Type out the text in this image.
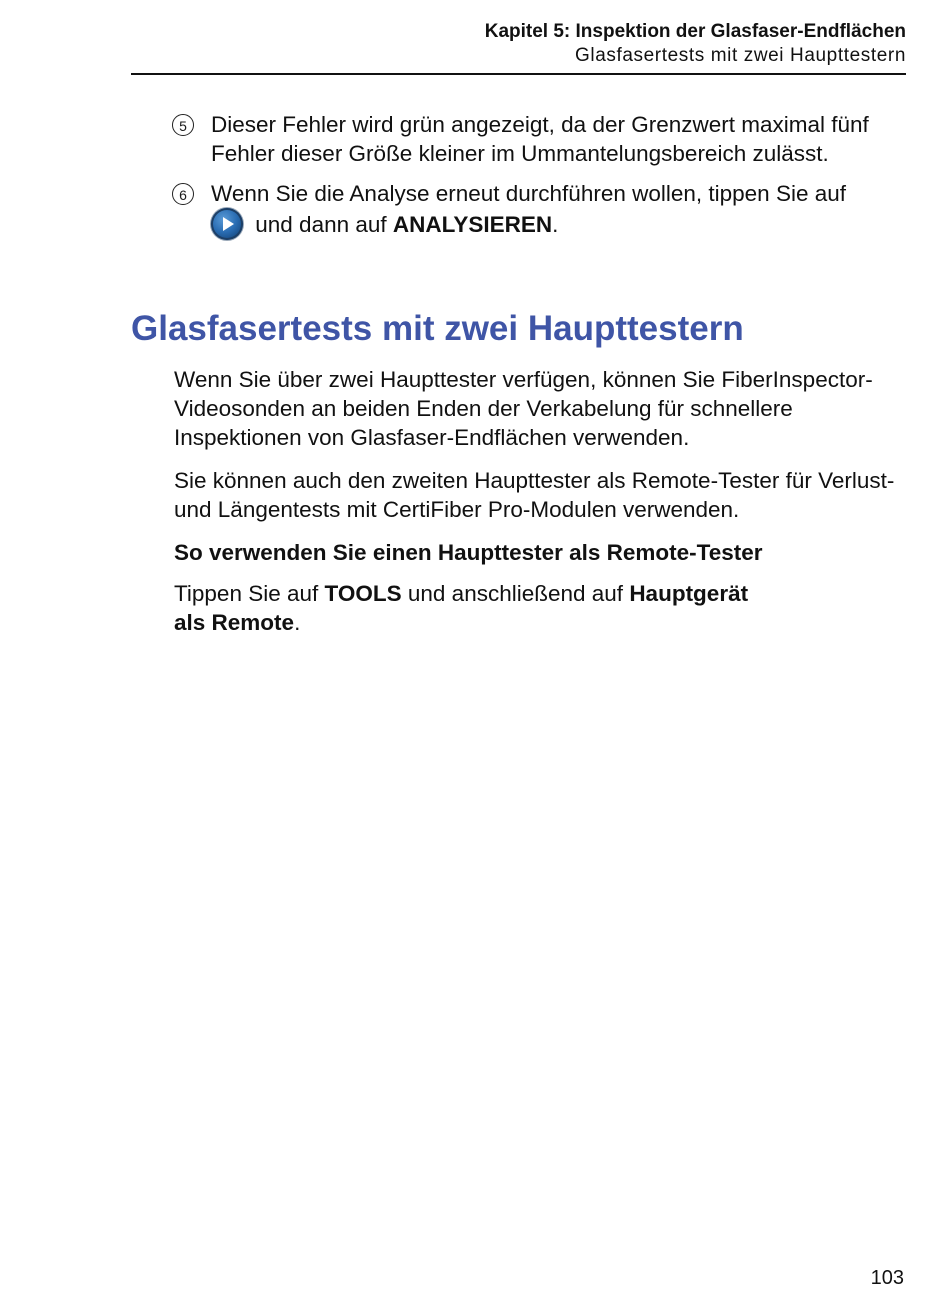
Kapitel 5: Inspektion der Glasfaser-Endflächen

Glasfasertests mit zwei Haupttestern

5	Dieser Fehler wird grün angezeigt, da der Grenzwert maximal fünf Fehler dieser Größe kleiner im Ummantelungsbereich zulässt.
6	Wenn Sie die Analyse erneut durchführen wollen, tippen Sie auf
und dann auf ANALYSIEREN.
Glasfasertests mit zwei Haupttestern

Wenn Sie über zwei Haupttester verfügen, können Sie FiberInspector-Videosonden an beiden Enden der Verkabelung für schnellere Inspektionen von Glasfaser-Endflächen verwenden.

Sie können auch den zweiten Haupttester als Remote-Tester für Verlust- und Längentests mit CertiFiber Pro-Modulen verwenden.

So verwenden Sie einen Haupttester als Remote-Tester

Tippen Sie auf TOOLS und anschließend auf Hauptgerät
als Remote.

103
